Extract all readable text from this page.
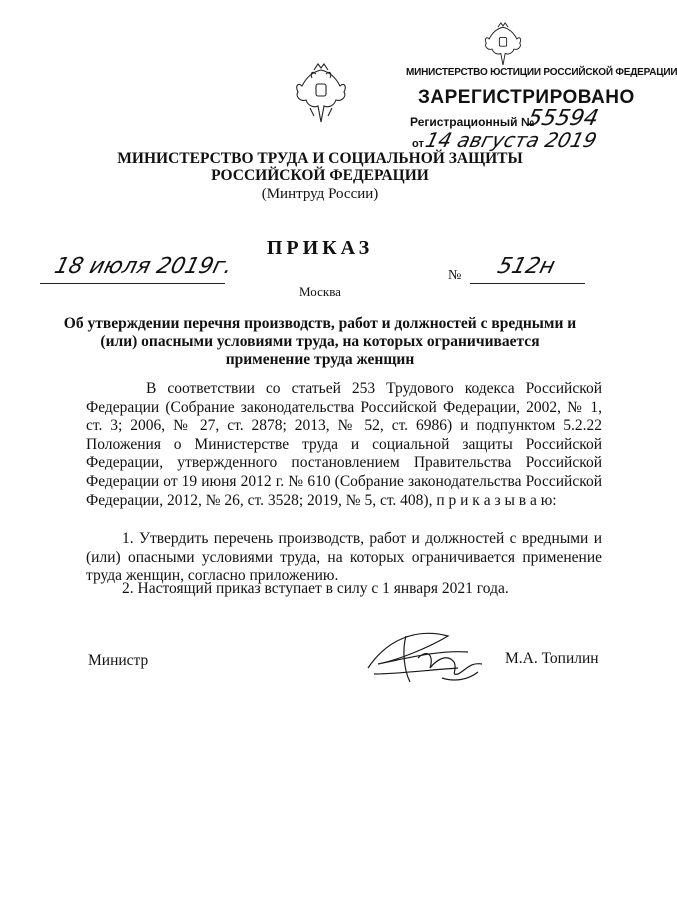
МИНИСТЕРСТВО ЮСТИЦИИ РОССИЙСКОЙ ФЕДЕРАЦИИ
ЗАРЕГИСТРИРОВАНО
Регистрационный №
55594
от 14 августа 2019
МИНИСТЕРСТВО ТРУДА И СОЦИАЛЬНОЙ ЗАЩИТЫ
РОССИЙСКОЙ ФЕДЕРАЦИИ
(Минтруд России)
ПРИКАЗ
18 июля 2019г.	№ 512н
Москва
Об утверждении перечня производств, работ и должностей с вредными и
(или) опасными условиями труда, на которых ограничивается
применение труда женщин
В соответствии со статьей 253 Трудового кодекса Российской Федерации (Собрание законодательства Российской Федерации, 2002, № 1, ст. 3; 2006, № 27, ст. 2878; 2013, № 52, ст. 6986) и подпунктом 5.2.22 Положения о Министерстве труда и социальной защиты Российской Федерации, утвержденного постановлением Правительства Российской Федерации от 19 июня 2012 г. № 610 (Собрание законодательства Российской Федерации, 2012, № 26, ст. 3528; 2019, № 5, ст. 408), п р и к а з ы в а ю:
1. Утвердить перечень производств, работ и должностей с вредными и (или) опасными условиями труда, на которых ограничивается применение труда женщин, согласно приложению.
2. Настоящий приказ вступает в силу с 1 января 2021 года.
Министр	М.А. Топилин
